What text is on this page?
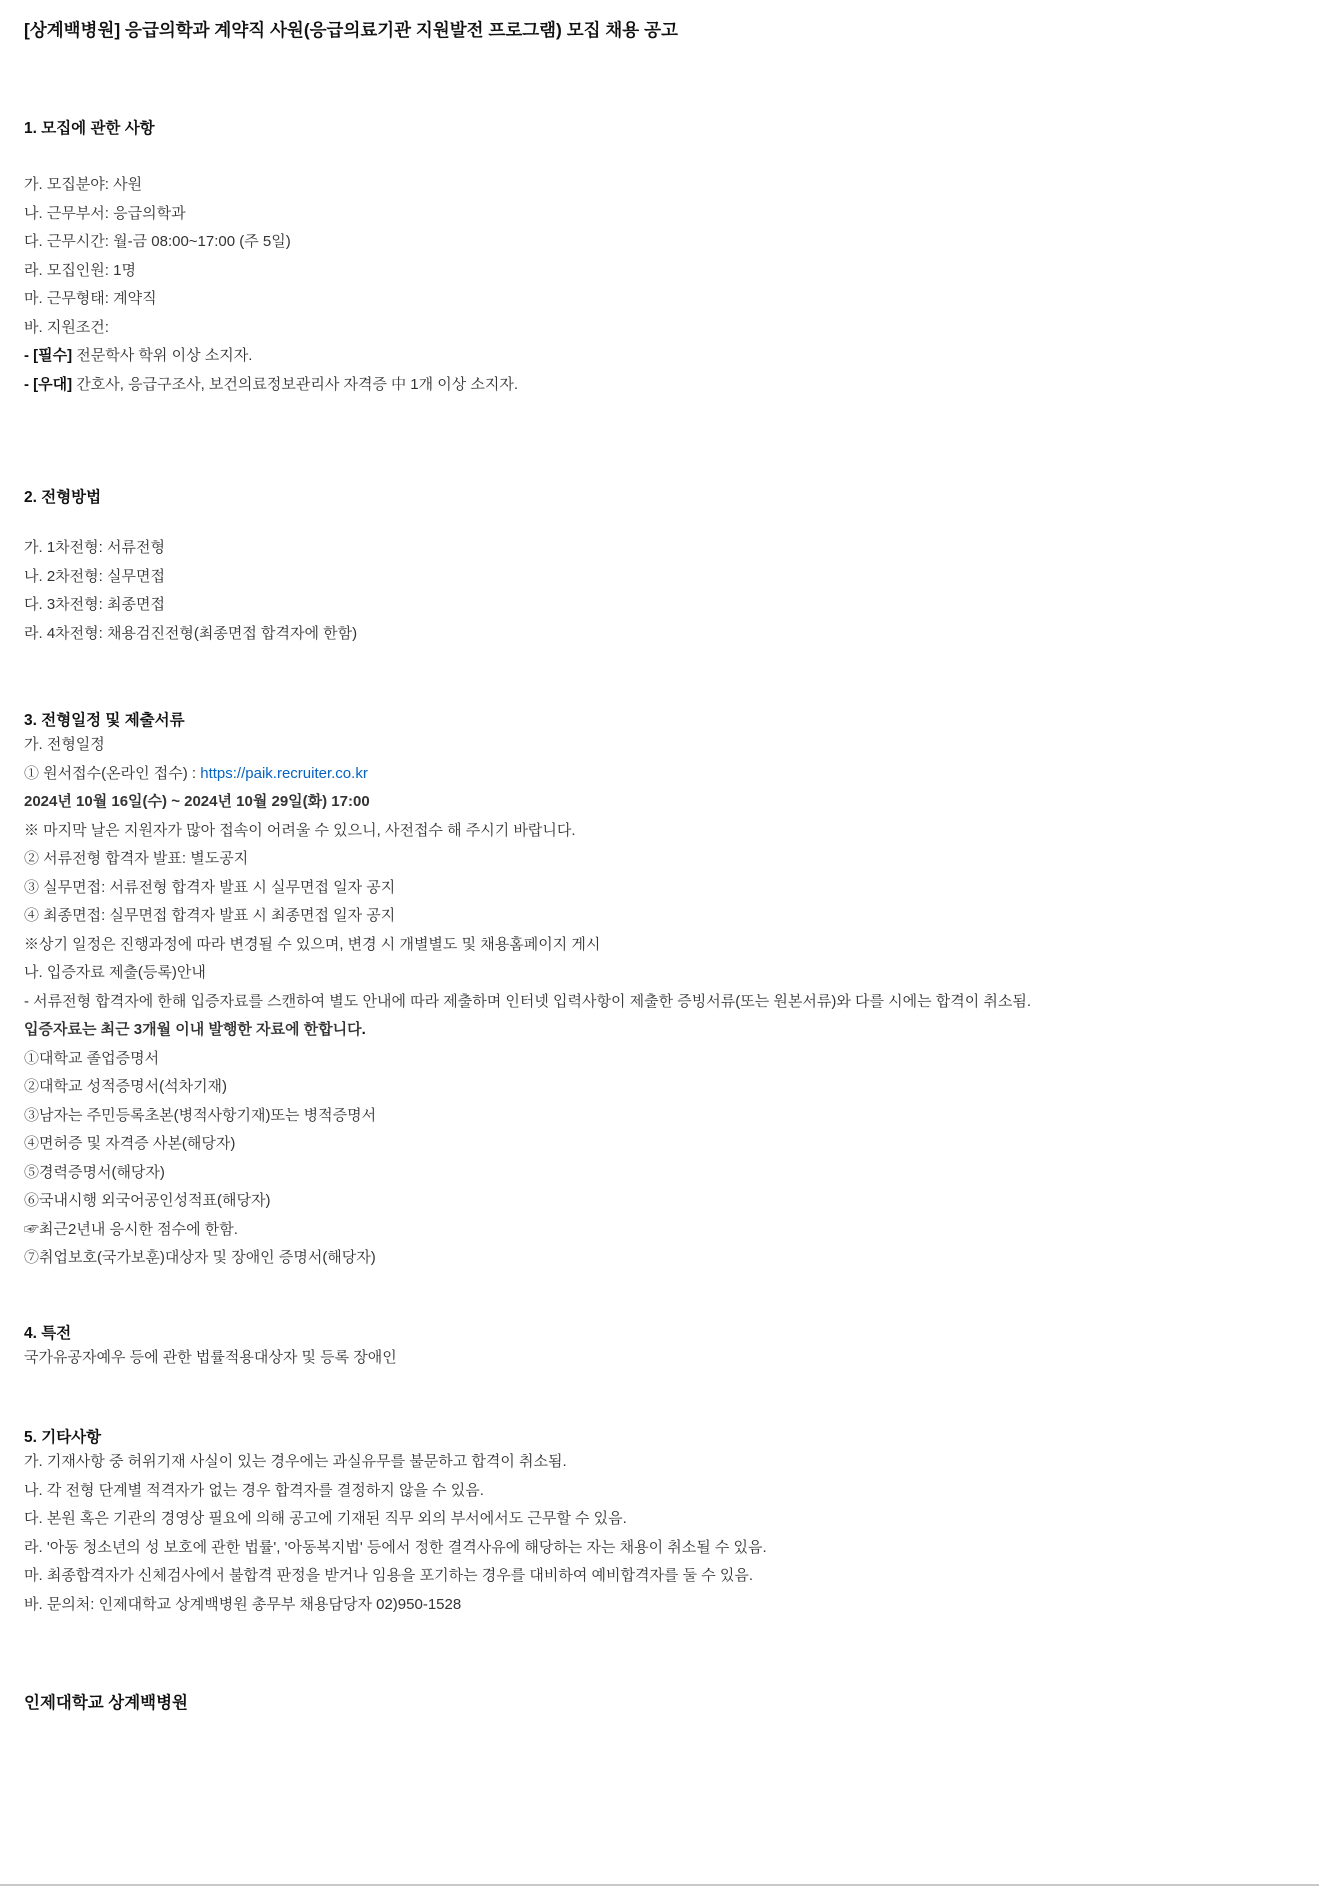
[상계백병원] 응급의학과 계약직 사원(응급의료기관 지원발전 프로그램) 모집 채용 공고
1. 모집에 관한 사항

가. 모집분야: 사원

나. 근무부서: 응급의학과

다. 근무시간: 월-금 08:00~17:00 (주 5일)

라. 모집인원: 1명

마. 근무형태: 계약직

바. 지원조건:

- [필수] 전문학사 학위 이상 소지자.

- [우대] 간호사, 응급구조사, 보건의료정보관리사 자격증 中 1개 이상 소지자.

2. 전형방법

가. 1차전형: 서류전형

나. 2차전형: 실무면접

다. 3차전형: 최종면접

라. 4차전형: 채용검진전형(최종면접 합격자에 한함)

3. 전형일정 및 제출서류

가. 전형일정

① 원서접수(온라인 접수) : https://paik.recruiter.co.kr

2024년 10월 16일(수) ~ 2024년 10월 29일(화) 17:00

※ 마지막 날은 지원자가 많아 접속이 어려울 수 있으니, 사전접수 해 주시기 바랍니다.

② 서류전형 합격자 발표: 별도공지

③ 실무면접: 서류전형 합격자 발표 시 실무면접 일자 공지

④ 최종면접: 실무면접 합격자 발표 시 최종면접 일자 공지

※상기 일정은 진행과정에 따라 변경될 수 있으며, 변경 시 개별별도 및 채용홈페이지 게시

나. 입증자료 제출(등록)안내

- 서류전형 합격자에 한해 입증자료를 스캔하여 별도 안내에 따라 제출하며 인터넷 입력사항이 제출한 증빙서류(또는 원본서류)와 다를 시에는 합격이 취소됨.

입증자료는 최근 3개월 이내 발행한 자료에 한합니다.

①대학교 졸업증명서

②대학교 성적증명서(석차기재)

③남자는 주민등록초본(병적사항기재)또는 병적증명서

④면허증 및 자격증 사본(해당자)

⑤경력증명서(해당자)

⑥국내시행 외국어공인성적표(해당자)

☞최근2년내 응시한 점수에 한함.

⑦취업보호(국가보훈)대상자 및 장애인 증명서(해당자)

4. 특전

국가유공자예우 등에 관한 법률적용대상자 및 등록 장애인

5. 기타사항

가. 기재사항 중 허위기재 사실이 있는 경우에는 과실유무를 불문하고 합격이 취소됨.

나. 각 전형 단계별 적격자가 없는 경우 합격자를 결정하지 않을 수 있음.

다. 본원 혹은 기관의 경영상 필요에 의해 공고에 기재된 직무 외의 부서에서도 근무할 수 있음.

라. '아동 청소년의 성 보호에 관한 법률', '아동복지법' 등에서 정한 결격사유에 해당하는 자는 채용이 취소될 수 있음.

마. 최종합격자가 신체검사에서 불합격 판정을 받거나 임용을 포기하는 경우를 대비하여 예비합격자를 둘 수 있음.

바. 문의처: 인제대학교 상계백병원 총무부 채용담당자 02)950-1528

인제대학교 상계백병원
